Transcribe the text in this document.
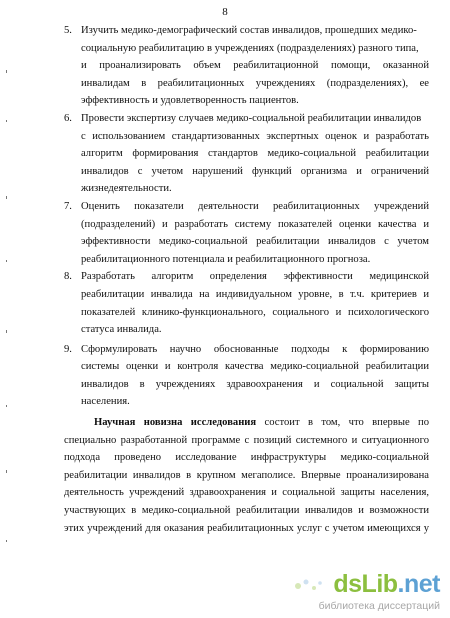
8
5. Изучить медико-демографический состав инвалидов, прошедших медико-

социальную реабилитацию в учреждениях (подразделениях) разного типа,

и проанализировать объем реабилитационной помощи, оказанной

инвалидам в реабилитационных учреждениях (подразделениях), ее

эффективность и удовлетворенность пациентов.

6. Провести экспертизу случаев медико-социальной реабилитации инвалидов

с использованием стандартизованных экспертных оценок и разработать

алгоритм формирования стандартов медико-социальной реабилитации

инвалидов с учетом нарушений функций организма и ограничений

жизнедеятельности.

7. Оценить показатели деятельности реабилитационных учреждений

(подразделений) и разработать систему показателей оценки качества и

эффективности медико-социальной реабилитации инвалидов с учетом

реабилитационного потенциала и реабилитационного прогноза.

8. Разработать алгоритм определения эффективности медицинской

реабилитации инвалида на индивидуальном уровне, в т.ч. критериев и

показателей клинико-функционального, социального и психологического

статуса инвалида.

9. Сформулировать научно обоснованные подходы к формированию

системы оценки и контроля качества медико-социальной реабилитации

инвалидов в учреждениях здравоохранения и социальной защиты

населения.

Научная новизна исследования состоит в том, что впервые по

специально разработанной программе с позиций системного и ситуационного

подхода проведено исследование инфраструктуры медико-социальной

реабилитации инвалидов в крупном мегаполисе. Впервые проанализирована

деятельность учреждений здравоохранения и социальной защиты населения,

участвующих в медико-социальной реабилитации инвалидов и возможности

этих учреждений для оказания реабилитационных услуг с учетом имеющихся у

dsLib.net
библиотека диссертаций
